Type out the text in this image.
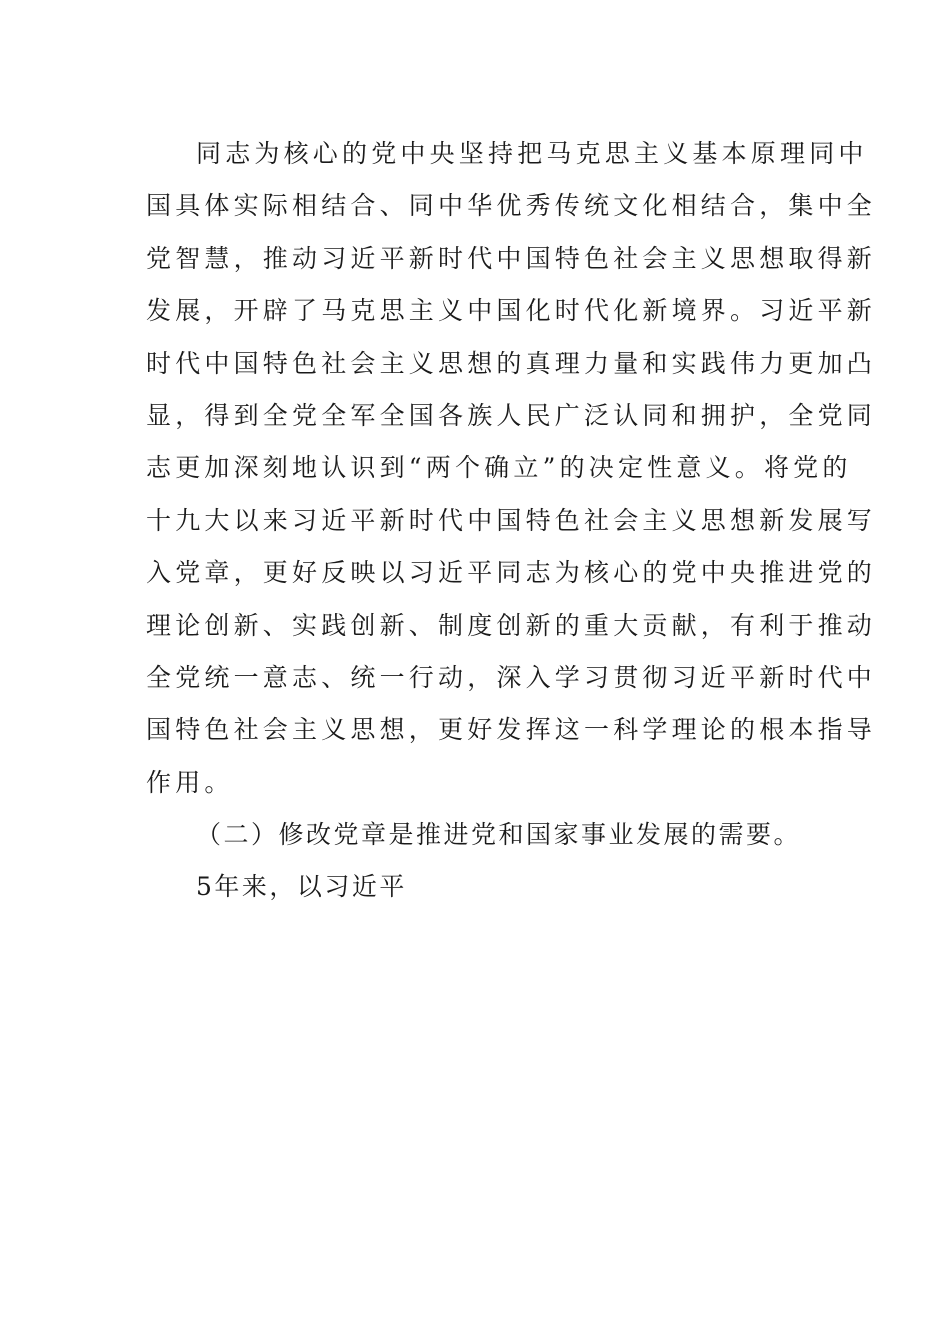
同志为核心的党中央坚持把马克思主义基本原理同中
国具体实际相结合、同中华优秀传统文化相结合，集中全
党智慧，推动习近平新时代中国特色社会主义思想取得新
发展，开辟了马克思主义中国化时代化新境界。习近平新
时代中国特色社会主义思想的真理力量和实践伟力更加凸
显，得到全党全军全国各族人民广泛认同和拥护，全党同
志更加深刻地认识到“两个确立”的决定性意义。将党的
十九大以来习近平新时代中国特色社会主义思想新发展写
入党章，更好反映以习近平同志为核心的党中央推进党的
理论创新、实践创新、制度创新的重大贡献，有利于推动
全党统一意志、统一行动，深入学习贯彻习近平新时代中
国特色社会主义思想，更好发挥这一科学理论的根本指导
作用。
（二）修改党章是推进党和国家事业发展的需要。
5年来，以习近平
